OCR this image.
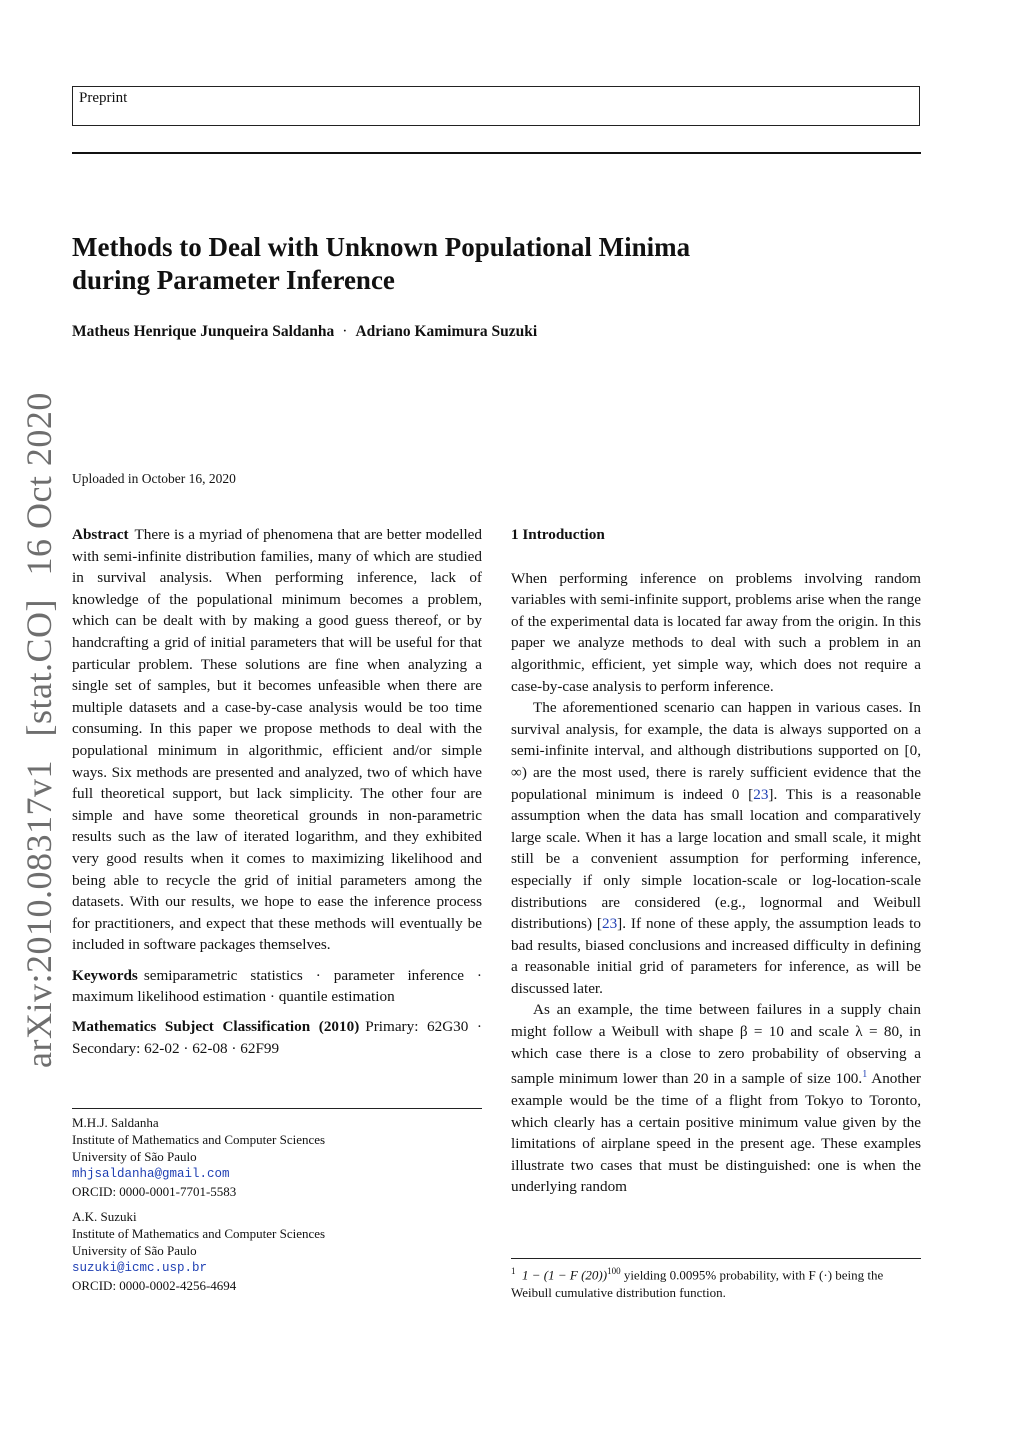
Preprint
arXiv:2010.08317v1 [stat.CO] 16 Oct 2020
Methods to Deal with Unknown Populational Minima
during Parameter Inference
Matheus Henrique Junqueira Saldanha · Adriano Kamimura Suzuki
Uploaded in October 16, 2020

Abstract There is a myriad of phenomena that are better modelled with semi-infinite distribution families, many of which are studied in survival analysis. When performing inference, lack of knowledge of the populational minimum becomes a problem, which can be dealt with by making a good guess thereof, or by handcrafting a grid of initial parameters that will be useful for that particular problem. These solutions are fine when analyzing a single set of samples, but it becomes unfeasible when there are multiple datasets and a case-by-case analysis would be too time consuming. In this paper we propose methods to deal with the populational minimum in algorithmic, efficient and/or simple ways. Six methods are presented and analyzed, two of which have full theoretical support, but lack simplicity. The other four are simple and have some theoretical grounds in non-parametric results such as the law of iterated logarithm, and they exhibited very good results when it comes to maximizing likelihood and being able to recycle the grid of initial parameters among the datasets. With our results, we hope to ease the inference process for practitioners, and expect that these methods will eventually be included in software packages themselves.

Keywords semiparametric statistics · parameter inference · maximum likelihood estimation · quantile estimation

Mathematics Subject Classification (2010) Primary: 62G30 · Secondary: 62-02 · 62-08 · 62F99

M.H.J. Saldanha
Institute of Mathematics and Computer Sciences
University of São Paulo
mhjsaldanha@gmail.com
ORCID: 0000-0001-7701-5583
A.K. Suzuki
Institute of Mathematics and Computer Sciences
University of São Paulo
suzuki@icmc.usp.br
ORCID: 0000-0002-4256-4694
1 Introduction

When performing inference on problems involving random variables with semi-infinite support, problems arise when the range of the experimental data is located far away from the origin. In this paper we analyze methods to deal with such a problem in an algorithmic, efficient, yet simple way, which does not require a case-by-case analysis to perform inference.

The aforementioned scenario can happen in various cases. In survival analysis, for example, the data is always supported on a semi-infinite interval, and although distributions supported on [0, ∞) are the most used, there is rarely sufficient evidence that the populational minimum is indeed 0 [23]. This is a reasonable assumption when the data has small location and comparatively large scale. When it has a large location and small scale, it might still be a convenient assumption for performing inference, especially if only simple location-scale or log-location-scale distributions are considered (e.g., lognormal and Weibull distributions) [23]. If none of these apply, the assumption leads to bad results, biased conclusions and increased difficulty in defining a reasonable initial grid of parameters for inference, as will be discussed later.

As an example, the time between failures in a supply chain might follow a Weibull with shape β = 10 and scale λ = 80, in which case there is a close to zero probability of observing a sample minimum lower than 20 in a sample of size 100.$^1$ Another example would be the time of a flight from Tokyo to Toronto, which clearly has a certain positive minimum value given by the limitations of airplane speed in the present age. These examples illustrate two cases that must be distinguished: one is when the underlying random

$^1$ 1 − (1 − F (20))$^{100}$ yielding 0.0095% probability, with F (·) being the Weibull cumulative distribution function.
